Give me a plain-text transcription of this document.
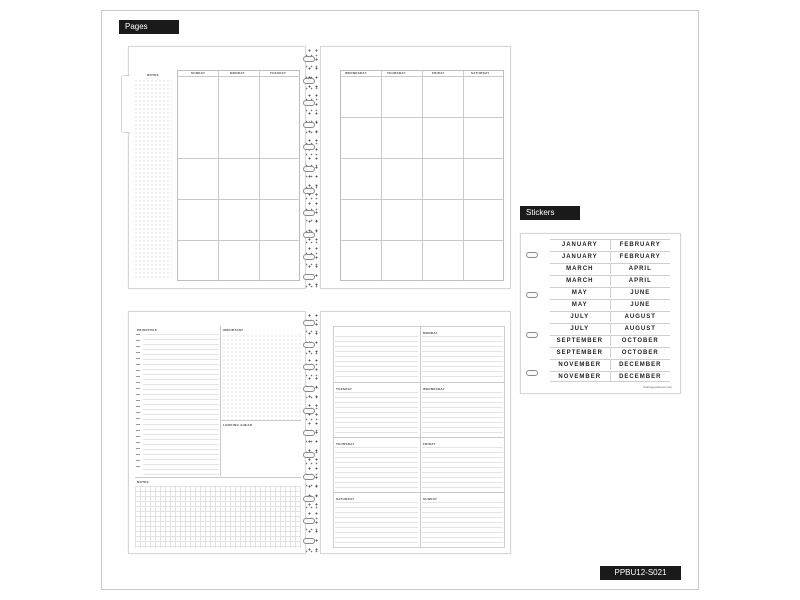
Pages
NOTES	SUNDAY	MONDAY	TUESDAY	WEDNESDAY	THURSDAY	FRIDAY	SATURDAY
PRIORITIES	IMPORTANT
LOOKING AHEAD
NOTES
MONDAY
TUESDAY	WEDNESDAY
THURSDAY	FRIDAY
SATURDAY	SUNDAY
Stickers
JANUARY	FEBRUARY
JANUARY	FEBRUARY
MARCH	APRIL
MARCH	APRIL
MAY	JUNE
MAY	JUNE
JULY	AUGUST
JULY	AUGUST
SEPTEMBER	OCTOBER
SEPTEMBER	OCTOBER
NOVEMBER	DECEMBER
NOVEMBER	DECEMBER
thehappyplanner.com
PPBU12-S021
